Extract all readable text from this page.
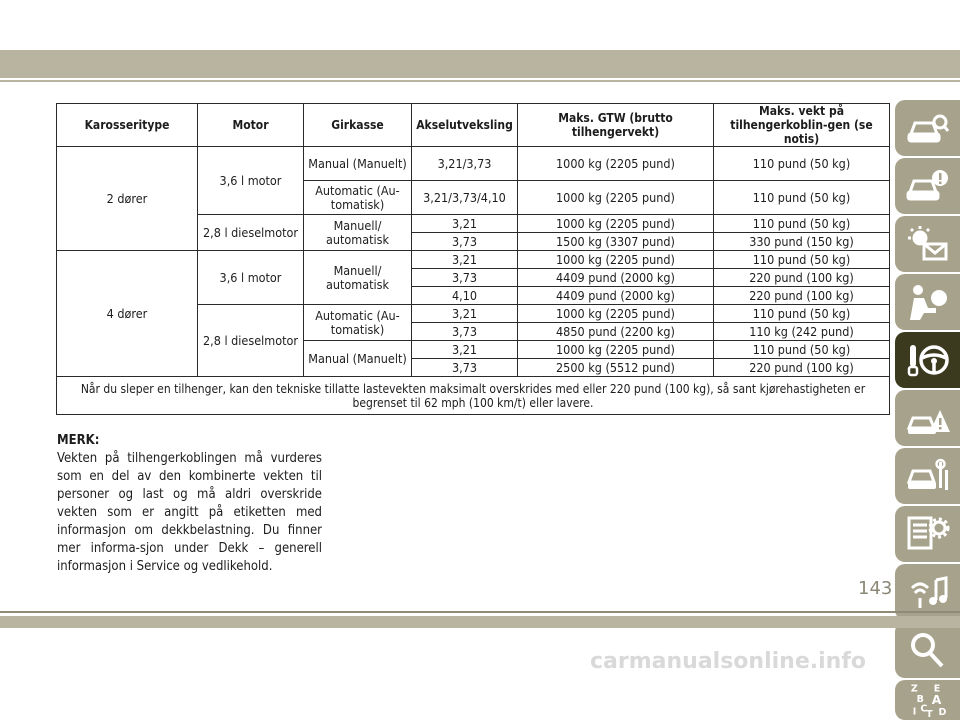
Karosseritype	Motor	Girkasse	Akselutveksling	Maks. GTW (brutto tilhengervekt)	Maks. vekt på tilhengerkoblin-gen (se notis)
2 dører	3,6 l motor	Manual (Manuelt)	3,21/3,73	1000 kg (2205 pund)	110 pund (50 kg)
		Automatic (Au-tomatisk)	3,21/3,73/4,10	1000 kg (2205 pund)	110 pund (50 kg)
	2,8 l dieselmotor	Manuell/ automatisk	3,21	1000 kg (2205 pund)	110 pund (50 kg)
			3,73	1500 kg (3307 pund)	330 pund (150 kg)
4 dører	3,6 l motor	Manuell/ automatisk	3,21	1000 kg (2205 pund)	110 pund (50 kg)
			3,73	4409 pund (2000 kg)	220 pund (100 kg)
			4,10	4409 pund (2000 kg)	220 pund (100 kg)
	2,8 l dieselmotor	Automatic (Au-tomatisk)	3,21	1000 kg (2205 pund)	110 pund (50 kg)
			3,73	4850 pund (2200 kg)	110 kg (242 pund)
		Manual (Manuelt)	3,21	1000 kg (2205 pund)	110 pund (50 kg)
			3,73	2500 kg (5512 pund)	220 pund (100 kg)
Når du sleper en tilhenger, kan den tekniske tillatte lastevekten maksimalt overskrides med eller 220 pund (100 kg), så sant kjørehastigheten er begrenset til 62 mph (100 km/t) eller lavere.					
MERK:
Vekten på tilhengerkoblingen må vurderes som en del av den kombinerte vekten til personer og last og må aldri overskride vekten som er angitt på etiketten med informasjon om dekkbelastning. Du finner mer informa-sjon under Dekk – generell informasjon i Service og vedlikehold.
Z E
B A
I C
T D
143
carmanualsonline.info
